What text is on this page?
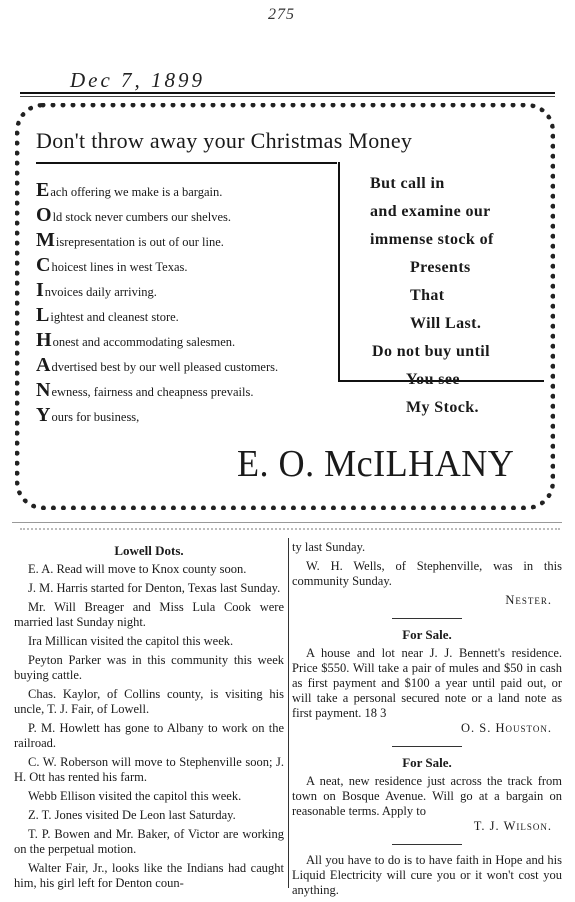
275
Dec 7, 1899
Don't throw away your Christmas Money
Each offering we make is a bargain.
Old stock never cumbers our shelves.
Misrepresentation is out of our line.
Choicest lines in west Texas.
Invoices daily arriving.
Lightest and cleanest store.
Honest and accommodating salesmen.
Advertised best by our well pleased customers.
Newness, fairness and cheapness prevails.
Yours for business,
But call in
and examine our
immense stock of
Presents
That
Will Last.
Do not buy until
You see
My Stock.
E. O. McILHANY
Lowell Dots.
E. A. Read will move to Knox county soon.
J. M. Harris started for Denton, Texas last Sunday.
Mr. Will Breager and Miss Lula Cook were married last Sunday night.
Ira Millican visited the capitol this week.
Peyton Parker was in this community this week buying cattle.
Chas. Kaylor, of Collins county, is visiting his uncle, T. J. Fair, of Lowell.
P. M. Howlett has gone to Albany to work on the railroad.
C. W. Roberson will move to Stephenville soon; J. H. Ott has rented his farm.
Webb Ellison visited the capitol this week.
Z. T. Jones visited De Leon last Saturday.
T. P. Bowen and Mr. Baker, of Victor are working on the perpetual motion.
Walter Fair, Jr., looks like the Indians had caught him, his girl left for Denton coun-
ty last Sunday.
W. H. Wells, of Stephenville, was in this community Sunday.
Nester.
For Sale.
A house and lot near J. J. Bennett's residence. Price $550. Will take a pair of mules and $50 in cash as first payment and $100 a year until paid out, or will take a personal secured note or a land note as first payment. 18 3
O. S. Houston.
For Sale.
A neat, new residence just across the track from town on Bosque Avenue. Will go at a bargain on reasonable terms. Apply to
T. J. Wilson.
All you have to do is to have faith in Hope and his Liquid Electricity will cure you or it won't cost you anything.
